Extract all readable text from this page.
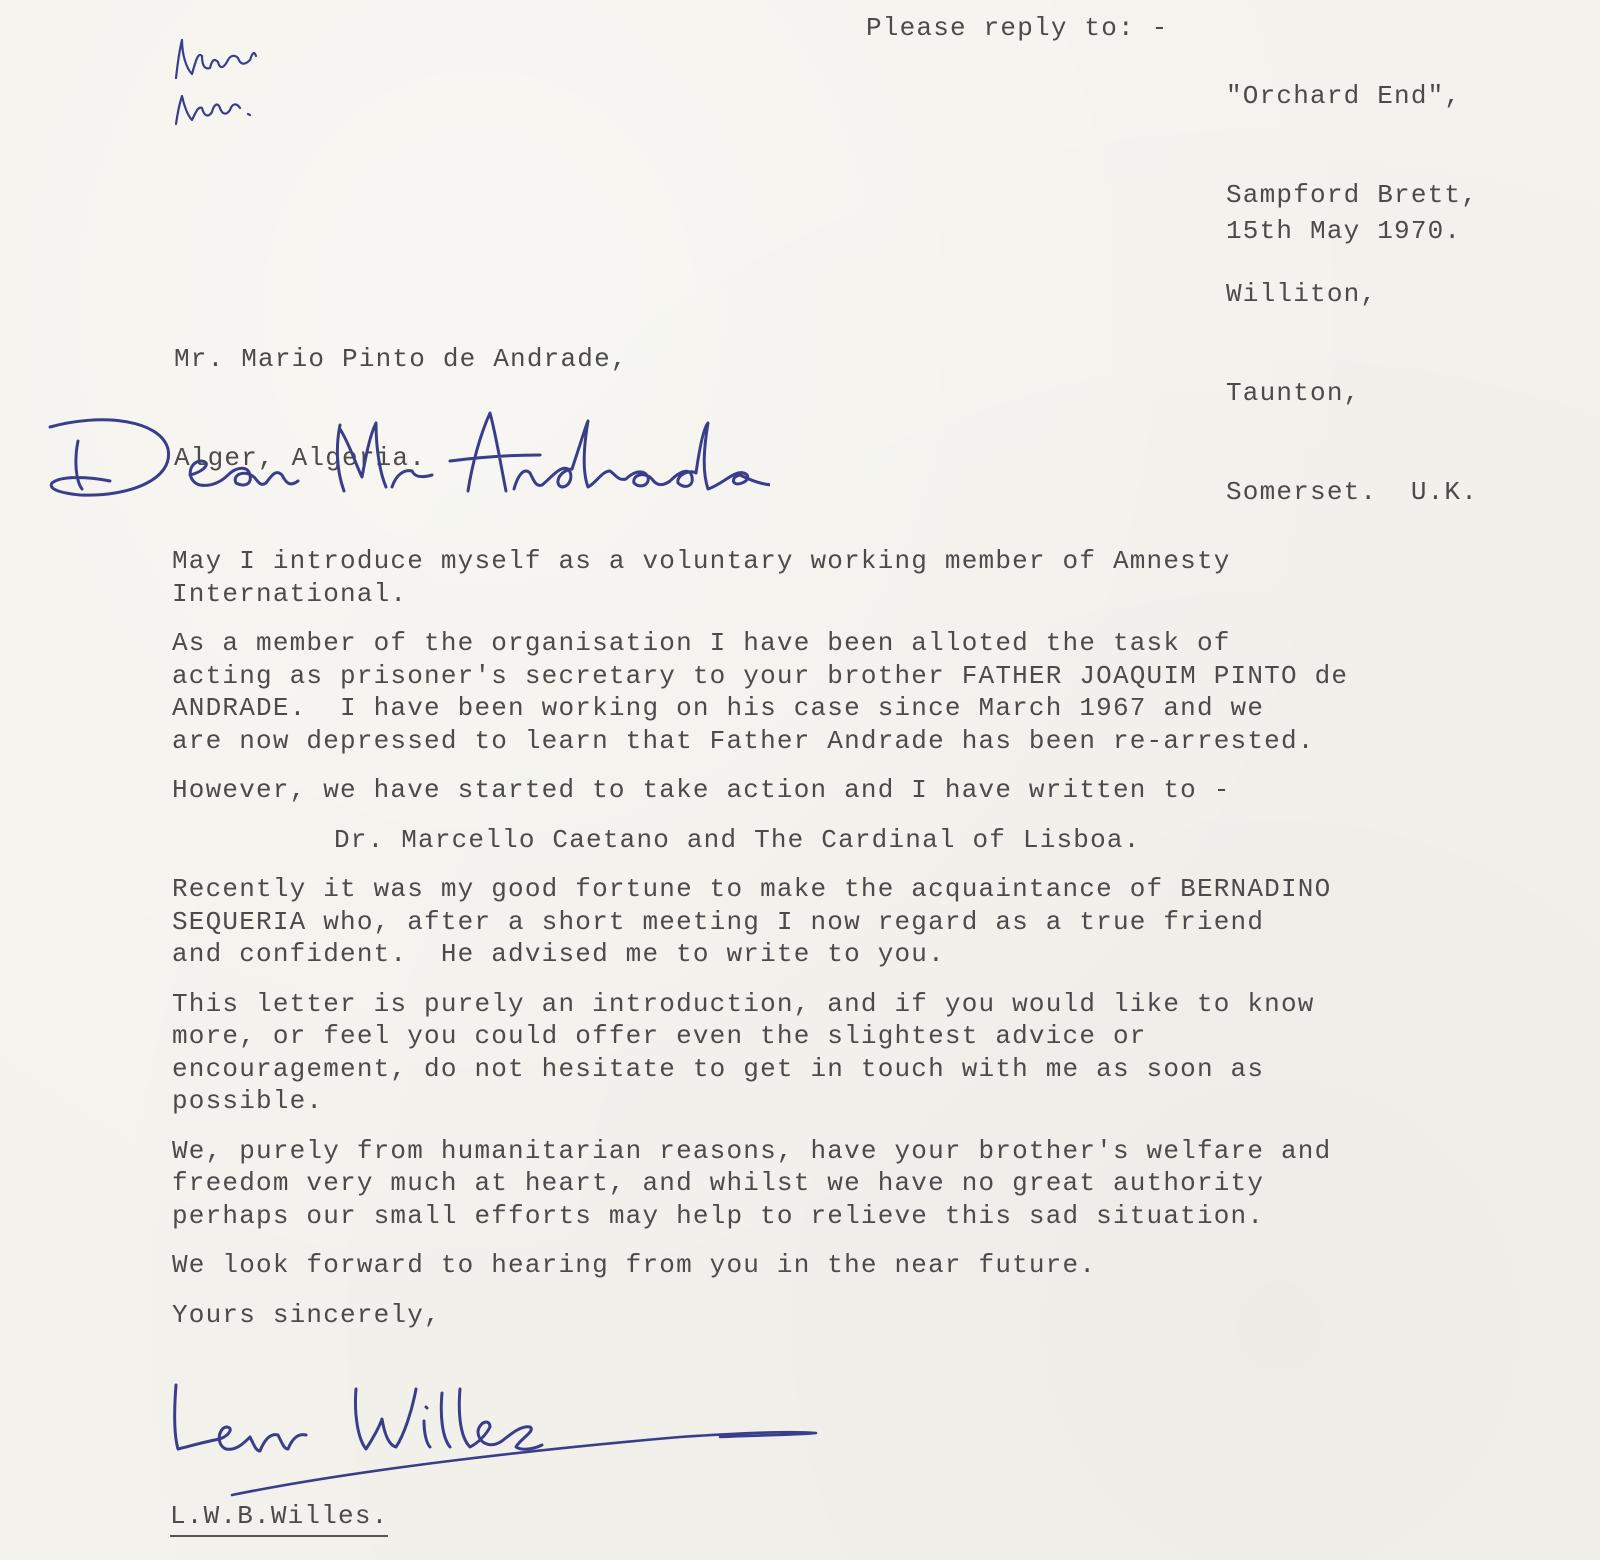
Please reply to: -

"Orchard End",

Sampford Brett,

Williton,

Taunton,

Somerset.  U.K.

15th May 1970.

Mr. Mario Pinto de Andrade,

Alger, Algeria.

May I introduce myself as a voluntary working member of Amnesty
International.

As a member of the organisation I have been alloted the task of
acting as prisoner's secretary to your brother FATHER JOAQUIM PINTO de
ANDRADE.  I have been working on his case since March 1967 and we
are now depressed to learn that Father Andrade has been re-arrested.

However, we have started to take action and I have written to -

Dr. Marcello Caetano and The Cardinal of Lisboa.

Recently it was my good fortune to make the acquaintance of BERNADINO
SEQUERIA who, after a short meeting I now regard as a true friend
and confident.  He advised me to write to you.

This letter is purely an introduction, and if you would like to know
more, or feel you could offer even the slightest advice or
encouragement, do not hesitate to get in touch with me as soon as
possible.

We, purely from humanitarian reasons, have your brother's welfare and
freedom very much at heart, and whilst we have no great authority
perhaps our small efforts may help to relieve this sad situation.

We look forward to hearing from you in the near future.

Yours sincerely,

L.W.B.Willes.
